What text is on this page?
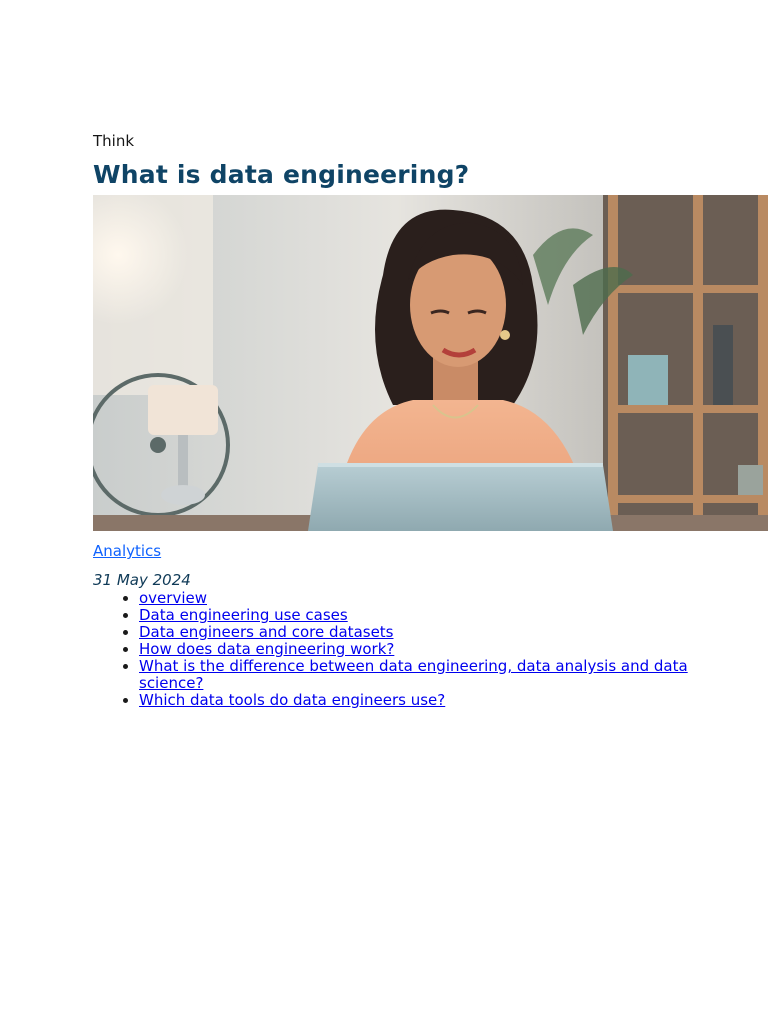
Think

What is data engineering?
Analytics
31 May 2024
• overview
• Data engineering use cases
• Data engineers and core datasets
• How does data engineering work?
• What is the difference between data engineering, data analysis and data science?
• Which data tools do data engineers use?
